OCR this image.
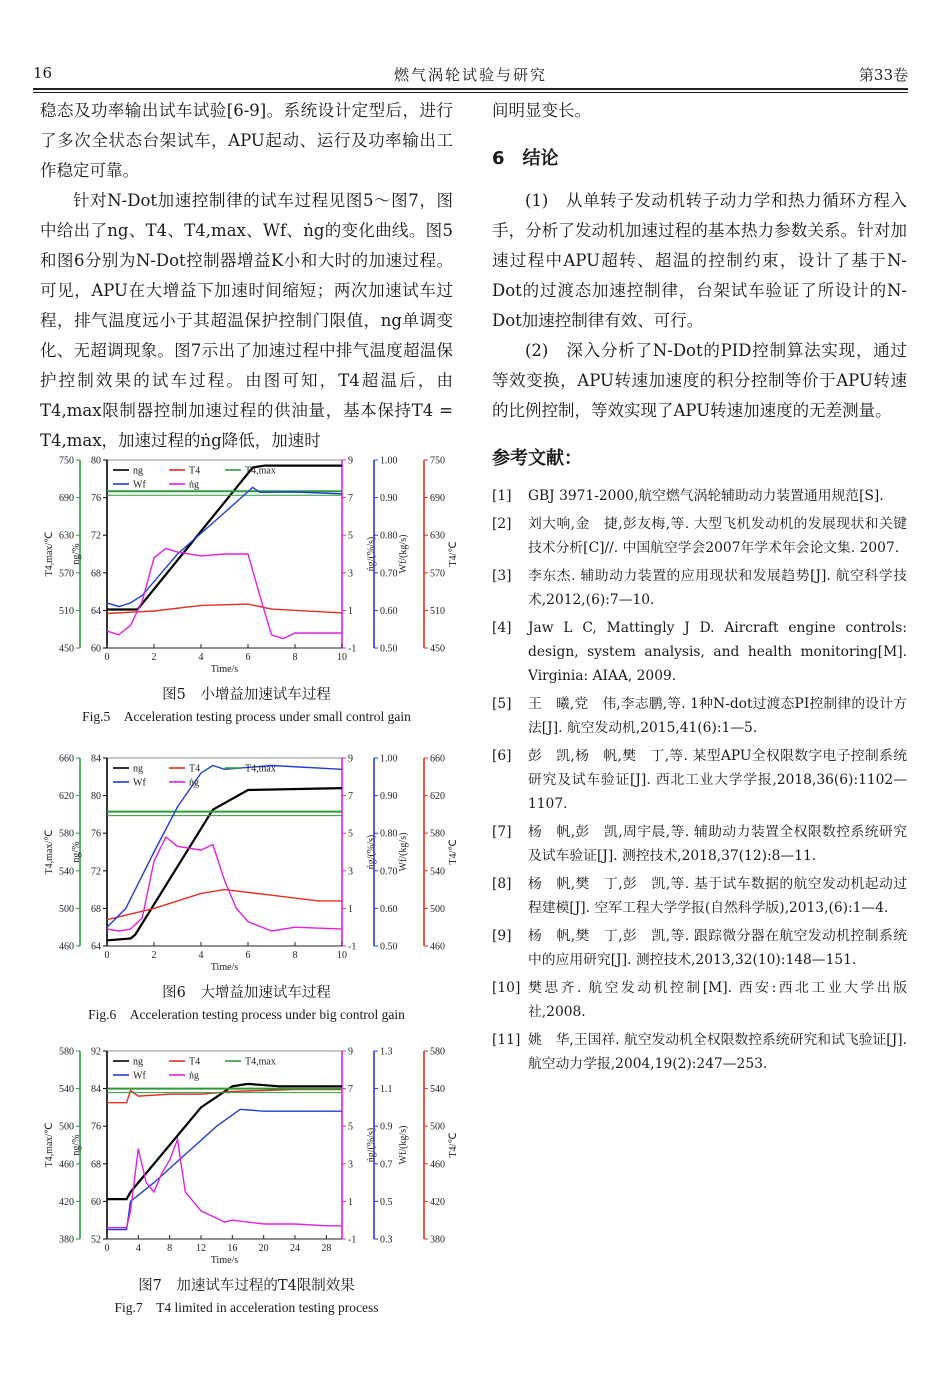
16	燃气涡轮试验与研究	第33卷

稳态及功率输出试车试验[6-9]。系统设计定型后，进行了多次全状态台架试车，APU起动、运行及功率输出工作稳定可靠。

针对N-Dot加速控制律的试车过程见图5～图7，图中给出了ng、T4、T4,max、Wf、ṅg的变化曲线。图5和图6分别为N-Dot控制器增益K小和大时的加速过程。可见，APU在大增益下加速时间缩短；两次加速试车过程，排气温度远小于其超温保护控制门限值，ng单调变化、无超调现象。图7示出了加速过程中排气温度超温保护控制效果的试车过程。由图可知，T4超温后，由T4,max限制器控制加速过程的供油量，基本保持T4 = T4,max，加速过程的ṅg降低，加速时

450
510
570
630
690
750
T4,max/℃
60
64
68
72
76
80
ng/%
-1
1
3
5
7
9
ṅg/(%/s)
0.50
0.60
0.70
0.80
0.90
1.00
Wf/(kg/s)
450
510
570
630
690
750
T4/℃
0	2	4	6	8	10
Time/s
ng	T4	T4,max
Wf	ṅg
图5　小增益加速试车过程
Fig.5　Acceleration testing process under small control gain
460
500
540
580
620
660
T4,max/℃
64
68
72
76
80
84
ng/%
-1
1
3
5
7
9
ṅg/(%/s)
0.50
0.60
0.70
0.80
0.90
1.00
Wf/(kg/s)
460
500
540
580
620
660
T4/℃
0	2	4	6	8	10
Time/s
ng	T4	T4,max
Wf	ṅg
图6　大增益加速试车过程
Fig.6　Acceleration testing process under big control gain
380
420
460
500
540
580
T4,max/℃
52
60
68
76
84
92
ng/%
-1
1
3
5
7
9
ṅg/(%/s)
0.3
0.5
0.7
0.9
1.1
1.3
Wf/(kg/s)
380
420
460
500
540
580
T4/℃
0	4	8 12 16 20 24 28
Time/s
ng	T4	T4,max
Wf	ṅg
图7　加速试车过程的T4限制效果
Fig.7　T4 limited in acceleration testing process

间明显变长。

6　结论

(1)　从单转子发动机转子动力学和热力循环方程入手，分析了发动机加速过程的基本热力参数关系。针对加速过程中APU超转、超温的控制约束，设计了基于N-Dot的过渡态加速控制律，台架试车验证了所设计的N-Dot加速控制律有效、可行。

(2)　深入分析了N-Dot的PID控制算法实现，通过等效变换，APU转速加速度的积分控制等价于APU转速的比例控制，等效实现了APU转速加速度的无差测量。

参考文献：

[1]	GBJ 3971-2000,航空燃气涡轮辅助动力装置通用规范[S].
[2]	刘大响,金　捷,彭友梅,等. 大型飞机发动机的发展现状和关键技术分析[C]//. 中国航空学会2007年学术年会论文集. 2007.
[3]	李东杰. 辅助动力装置的应用现状和发展趋势[J]. 航空科学技术,2012,(6):7—10.
[4]	Jaw L C, Mattingly J D. Aircraft engine controls: design, system analysis, and health monitoring[M]. Virginia: AIAA, 2009.
[5]	王　曦,党　伟,李志鹏,等. 1种N-dot过渡态PI控制律的设计方法[J]. 航空发动机,2015,41(6):1—5.
[6]	彭　凯,杨　帆,樊　丁,等. 某型APU全权限数字电子控制系统研究及试车验证[J]. 西北工业大学学报,2018,36(6):1102—1107.
[7]	杨　帆,彭　凯,周宇晨,等. 辅助动力装置全权限数控系统研究及试车验证[J]. 测控技术,2018,37(12):8—11.
[8]	杨　帆,樊　丁,彭　凯,等. 基于试车数据的航空发动机起动过程建模[J]. 空军工程大学学报(自然科学版),2013,(6):1—4.
[9]	杨　帆,樊　丁,彭　凯,等. 跟踪微分器在航空发动机控制系统中的应用研究[J]. 测控技术,2013,32(10):148—151.
[10] 樊思齐. 航空发动机控制[M]. 西安:西北工业大学出版社,2008.
[11] 姚　华,王国祥. 航空发动机全权限数控系统研究和试飞验证[J]. 航空动力学报,2004,19(2):247—253.
